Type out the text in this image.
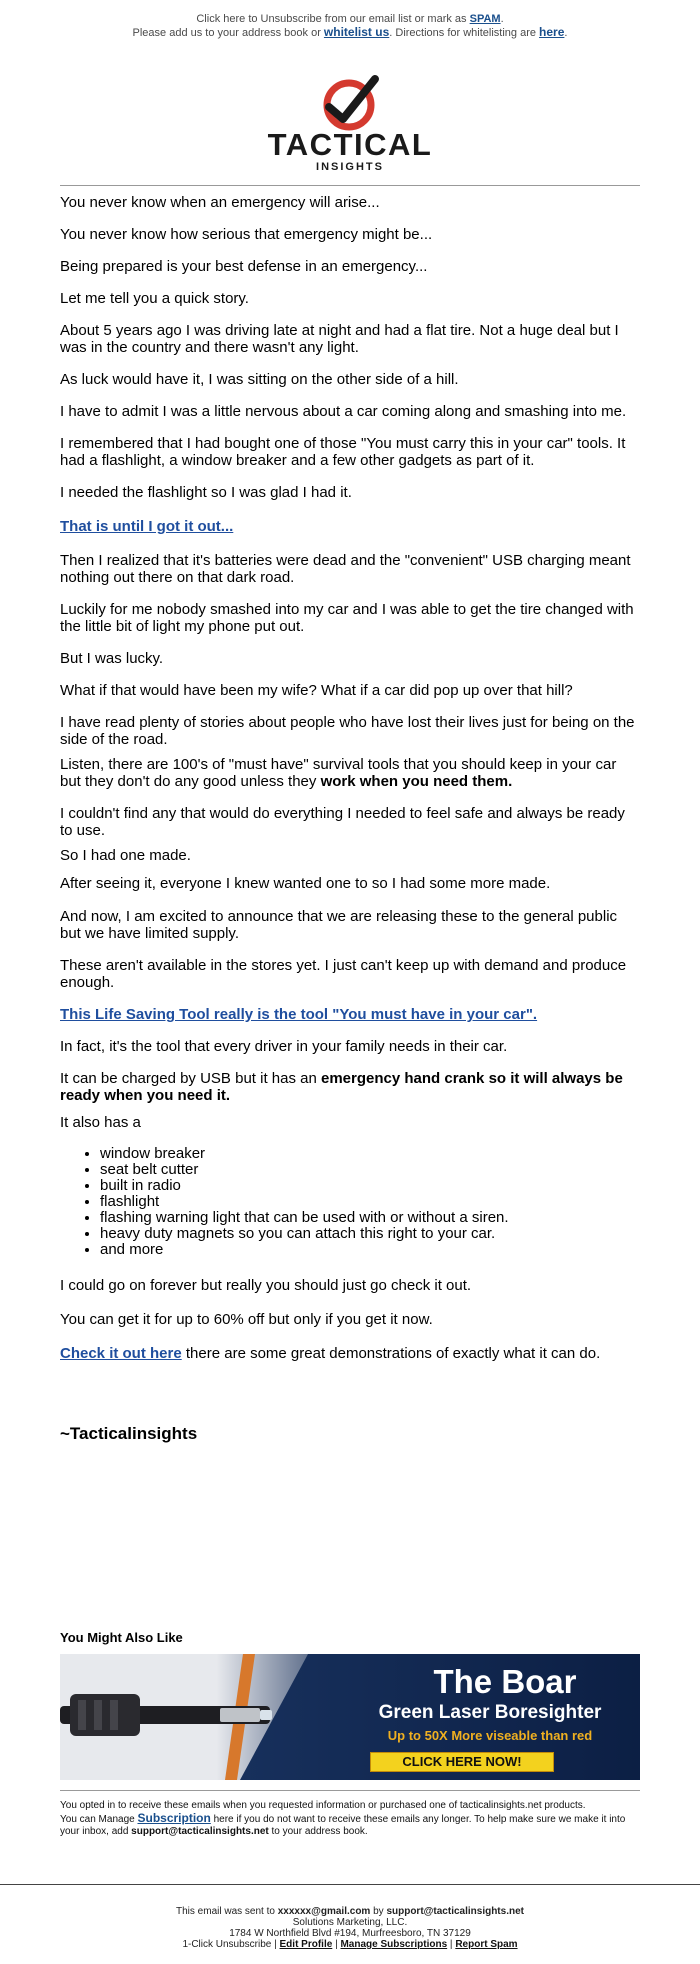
Click here to Unsubscribe from our email list or mark as SPAM.
Please add us to your address book or whitelist us. Directions for whitelisting are here.
TACTICAL
INSIGHTS

You never know when an emergency will arise...

You never know how serious that emergency might be...

Being prepared is your best defense in an emergency...

Let me tell you a quick story.

About 5 years ago I was driving late at night and had a flat tire. Not a huge deal but I was in the country and there wasn't any light.

As luck would have it, I was sitting on the other side of a hill.

I have to admit I was a little nervous about a car coming along and smashing into me.

I remembered that I had bought one of those "You must carry this in your car" tools. It had a flashlight, a window breaker and a few other gadgets as part of it.

I needed the flashlight so I was glad I had it.

That is until I got it out...

Then I realized that it's batteries were dead and the "convenient" USB charging meant nothing out there on that dark road.

Luckily for me nobody smashed into my car and I was able to get the tire changed with the little bit of light my phone put out.

But I was lucky.

What if that would have been my wife? What if a car did pop up over that hill?

I have read plenty of stories about people who have lost their lives just for being on the side of the road.

Listen, there are 100's of "must have" survival tools that you should keep in your car but they don't do any good unless they work when you need them.

I couldn't find any that would do everything I needed to feel safe and always be ready to use.

So I had one made.

After seeing it, everyone I knew wanted one to so I had some more made.

And now, I am excited to announce that we are releasing these to the general public but we have limited supply.

These aren't available in the stores yet. I just can't keep up with demand and produce enough.

This Life Saving Tool really is the tool "You must have in your car".

In fact, it's the tool that every driver in your family needs in their car.

It can be charged by USB but it has an emergency hand crank so it will always be ready when you need it.

It also has a

• window breaker
• seat belt cutter
• built in radio
• flashlight
• flashing warning light that can be used with or without a siren.
• heavy duty magnets so you can attach this right to your car.
• and more

I could go on forever but really you should just go check it out.

You can get it for up to 60% off but only if you get it now.

Check it out here there are some great demonstrations of exactly what it can do.

~Tacticalinsights

You Might Also Like
The Boar
Green Laser Boresighter
Up to 50X More viseable than red
CLICK HERE NOW!
You opted in to receive these emails when you requested information or purchased one of tacticalinsights.net products.
You can Manage Subscription here if you do not want to receive these emails any longer. To help make sure we make it into your inbox, add support@tacticalinsights.net to your address book.
This email was sent to xxxxxx@gmail.com by support@tacticalinsights.net
Solutions Marketing, LLC.
1784 W Northfield Blvd #194, Murfreesboro, TN 37129
1-Click Unsubscribe | Edit Profile | Manage Subscriptions | Report Spam
